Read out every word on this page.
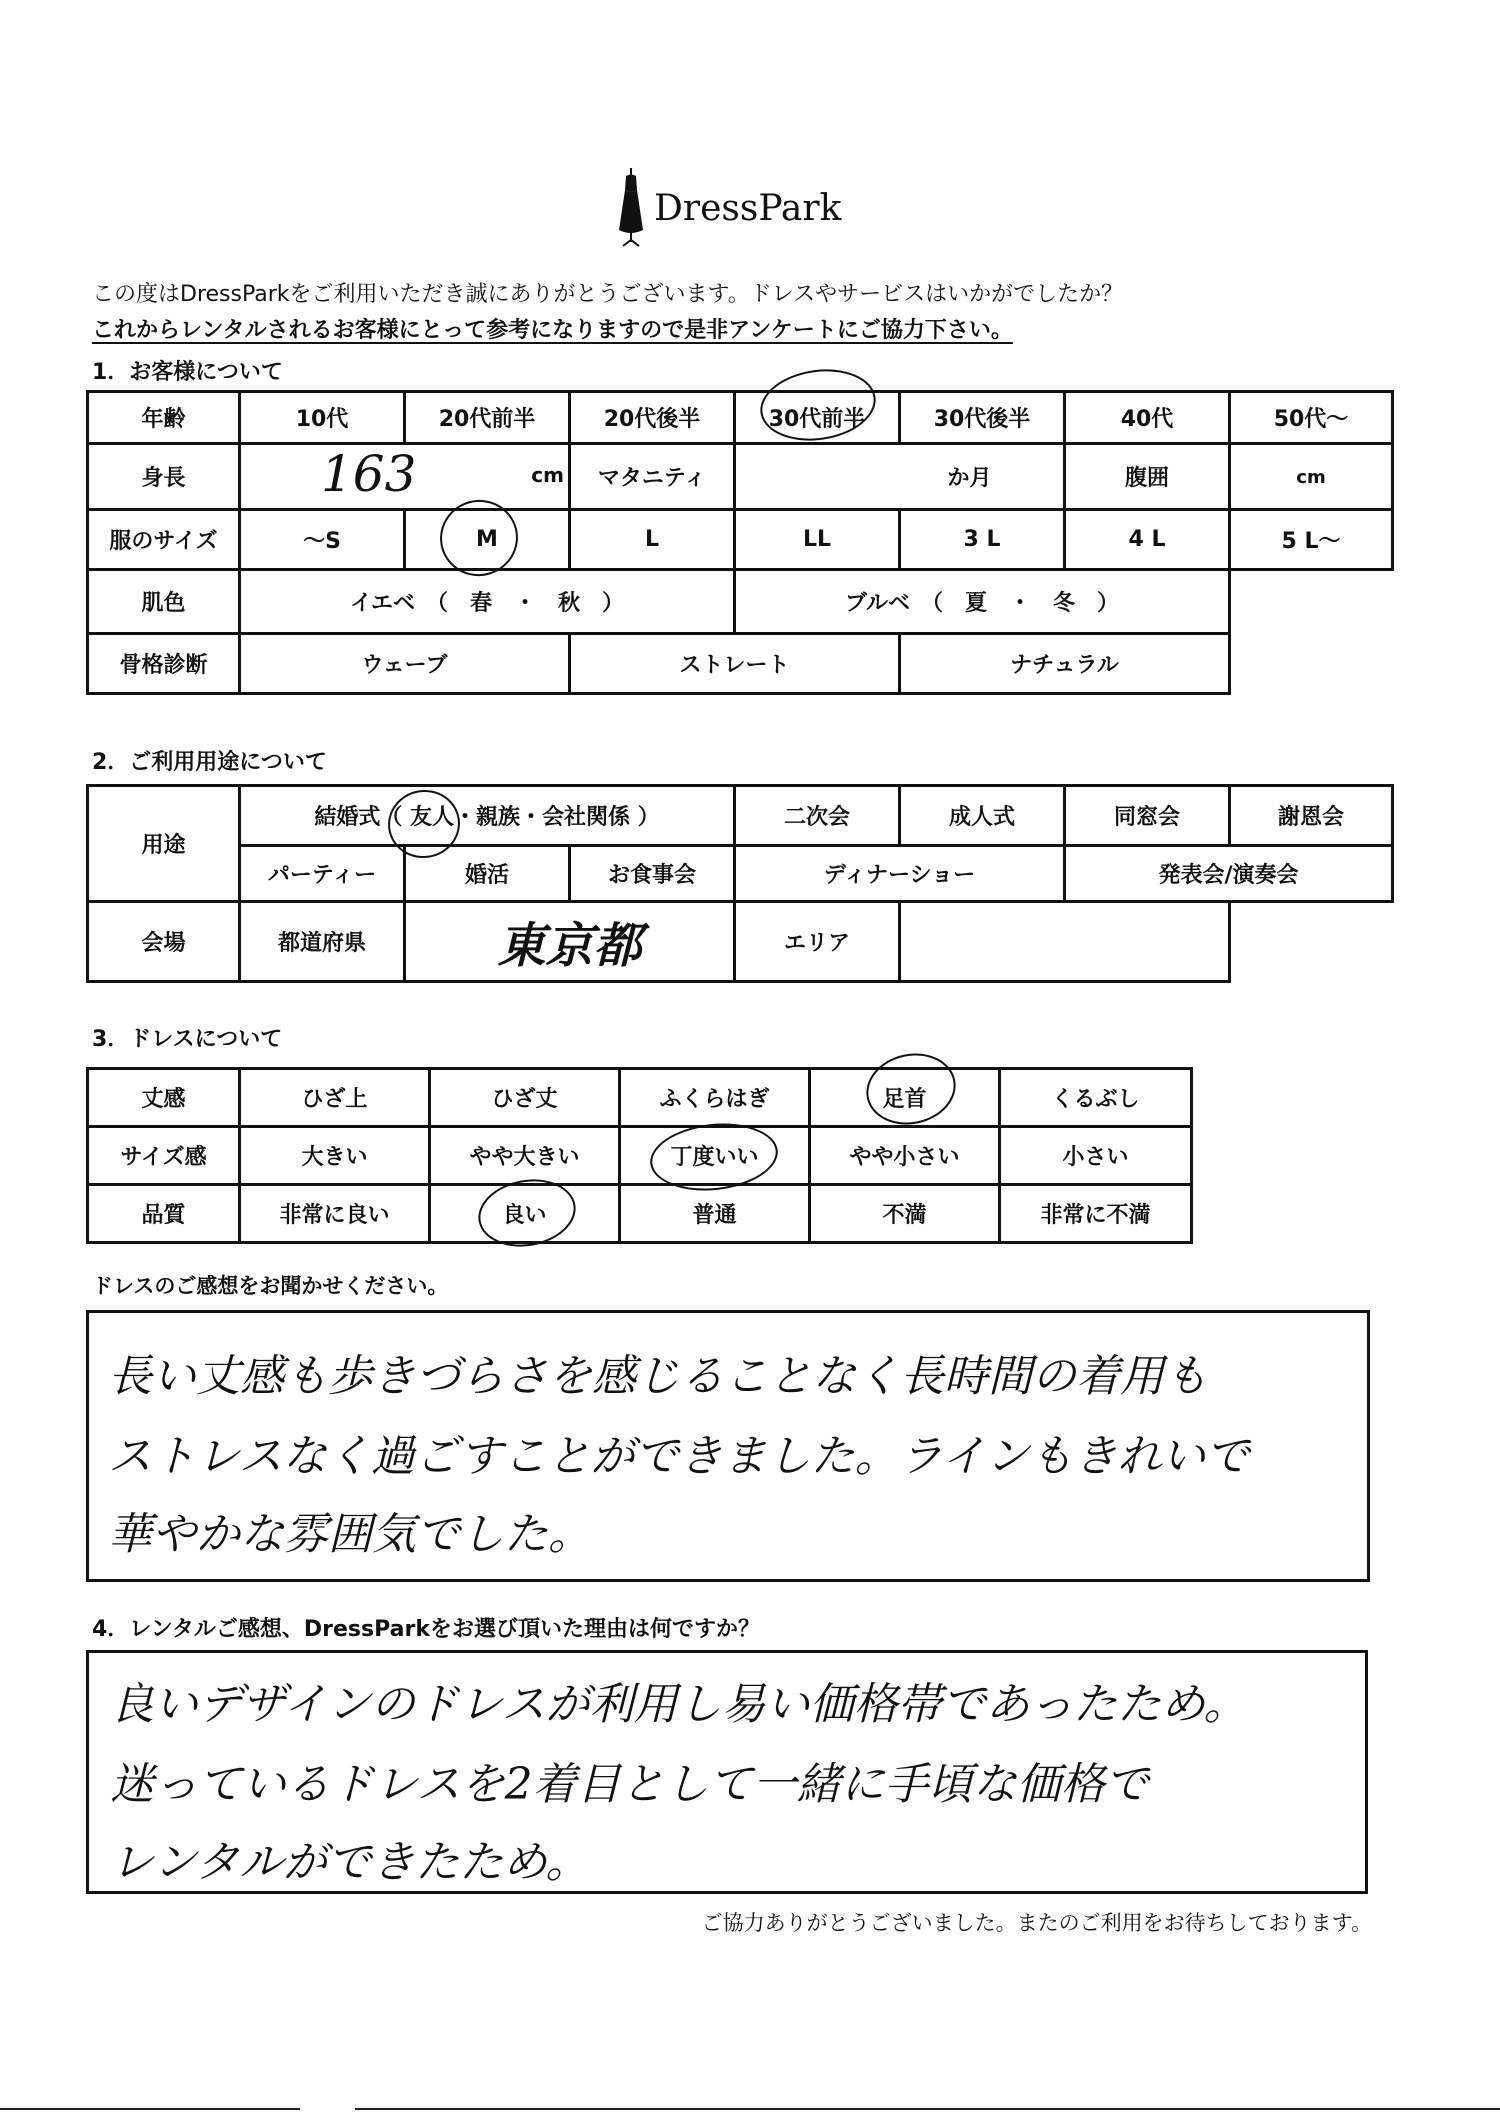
DressPark
この度はDressParkをご利用いただき誠にありがとうございます。ドレスやサービスはいかがでしたか？
これからレンタルされるお客様にとって参考になりますので是非アンケートにご協力下さい。
1．お客様について
年齢	10代	20代前半	20代後半	30代前半	30代後半	40代	50代～
身長	163 cm		マタニティ	か月		腹囲	cm
服のサイズ	～S	M	L	LL	3 L	4 L	5 L～
肌色	イエベ　（　春　・　秋　）			ブルベ　（　夏　・　冬　）			
骨格診断	ウェーブ		ストレート		ナチュラル		
2．ご利用用途について
用途	結婚式（ 友人・親族・会社関係 ）			二次会	成人式	同窓会	謝恩会
	パーティー	婚活	お食事会	ディナーショー		発表会/演奏会	
会場	都道府県	東京都		エリア			
3．ドレスについて
丈感	ひざ上	ひざ丈	ふくらはぎ	足首	くるぶし
サイズ感	大きい	やや大きい	丁度いい	やや小さい	小さい
品質	非常に良い	良い	普通	不満	非常に不満
ドレスのご感想をお聞かせください。
長い丈感も歩きづらさを感じることなく長時間の着用も
ストレスなく過ごすことができました。ラインもきれいで
華やかな雰囲気でした。
4．レンタルご感想、DressParkをお選び頂いた理由は何ですか？
良いデザインのドレスが利用し易い価格帯であったため。
迷っているドレスを2着目として一緒に手頃な価格で
レンタルができたため。
ご協力ありがとうございました。またのご利用をお待ちしております。
